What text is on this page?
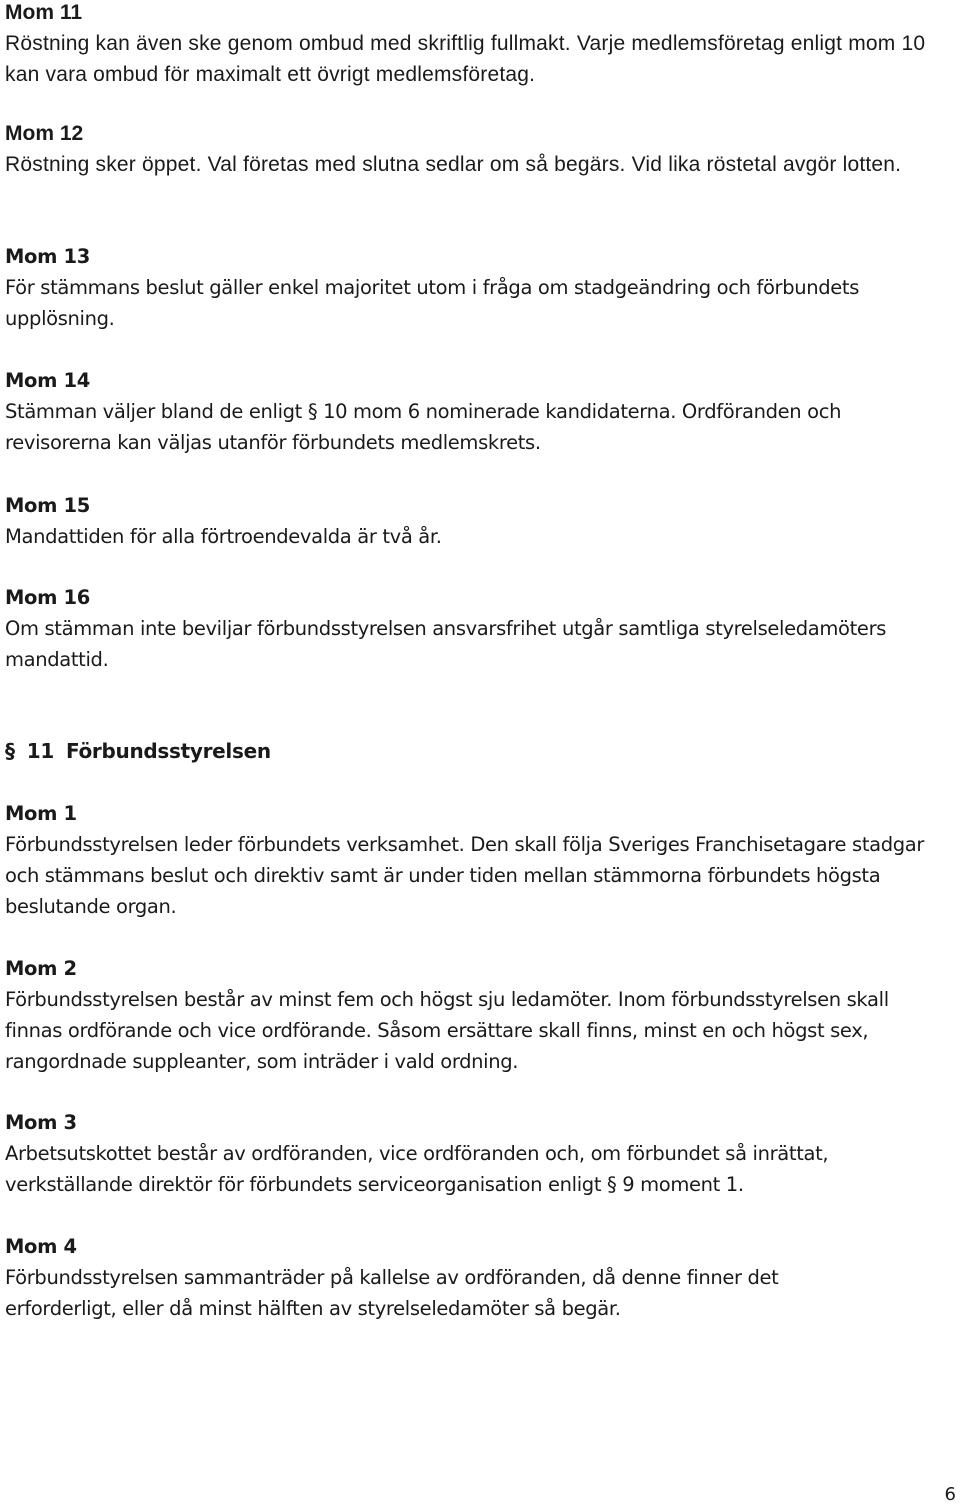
Mom 11
Röstning kan även ske genom ombud med skriftlig fullmakt. Varje medlemsföretag enligt mom 10 kan vara ombud för maximalt ett övrigt medlemsföretag.
Mom 12
Röstning sker öppet. Val företas med slutna sedlar om så begärs. Vid lika röstetal avgör lotten.
Mom 13
För stämmans beslut gäller enkel majoritet utom i fråga om stadgeändring och förbundets upplösning.
Mom 14
Stämman väljer bland de enligt § 10 mom 6 nominerade kandidaterna. Ordföranden och revisorerna kan väljas utanför förbundets medlemskrets.
Mom 15
Mandattiden för alla förtroendevalda är två år.
Mom 16
Om stämman inte beviljar förbundsstyrelsen ansvarsfrihet utgår samtliga styrelseledamöters mandattid.
§ 11 Förbundsstyrelsen
Mom 1
Förbundsstyrelsen leder förbundets verksamhet. Den skall följa Sveriges Franchisetagare stadgar och stämmans beslut och direktiv samt är under tiden mellan stämmorna förbundets högsta beslutande organ.
Mom 2
Förbundsstyrelsen består av minst fem och högst sju ledamöter. Inom förbundsstyrelsen skall finnas ordförande och vice ordförande. Såsom ersättare skall finns, minst en och högst sex, rangordnade suppleanter, som inträder i vald ordning.
Mom 3
Arbetsutskottet består av ordföranden, vice ordföranden och, om förbundet så inrättat, verkställande direktör för förbundets serviceorganisation enligt § 9 moment 1.
Mom 4
Förbundsstyrelsen sammanträder på kallelse av ordföranden, då denne finner det erforderligt, eller då minst hälften av styrelseledamöter så begär.
6
